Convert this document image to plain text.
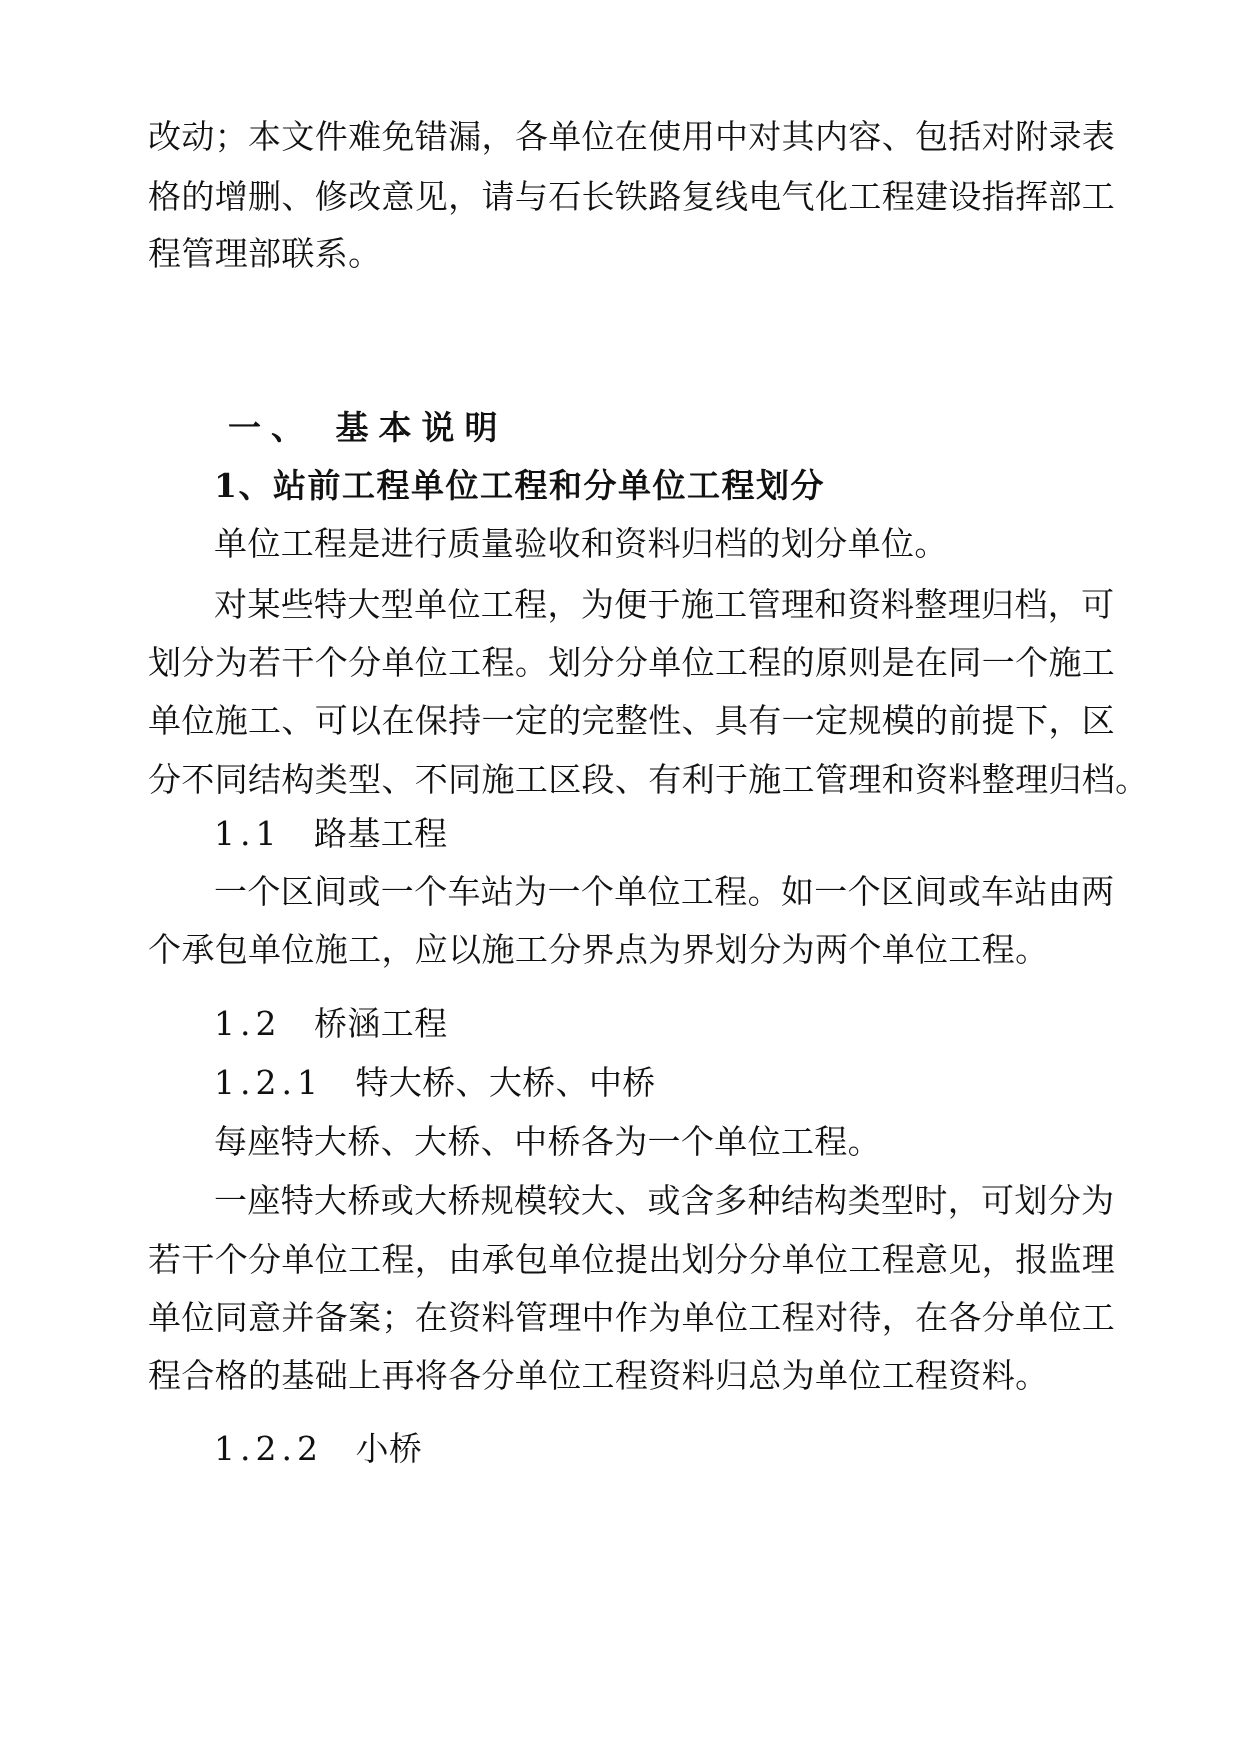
改动；本文件难免错漏，各单位在使用中对其内容、包括对附录表
格的增删、修改意见，请与石长铁路复线电气化工程建设指挥部工
程管理部联系。
一、 基本说明
1、站前工程单位工程和分单位工程划分
单位工程是进行质量验收和资料归档的划分单位。
对某些特大型单位工程，为便于施工管理和资料整理归档，可
划分为若干个分单位工程。划分分单位工程的原则是在同一个施工
单位施工、可以在保持一定的完整性、具有一定规模的前提下，区
分不同结构类型、不同施工区段、有利于施工管理和资料整理归档。
1.1 路基工程
一个区间或一个车站为一个单位工程。如一个区间或车站由两
个承包单位施工，应以施工分界点为界划分为两个单位工程。
1.2 桥涵工程
1.2.1 特大桥、大桥、中桥
每座特大桥、大桥、中桥各为一个单位工程。
一座特大桥或大桥规模较大、或含多种结构类型时，可划分为
若干个分单位工程，由承包单位提出划分分单位工程意见，报监理
单位同意并备案；在资料管理中作为单位工程对待，在各分单位工
程合格的基础上再将各分单位工程资料归总为单位工程资料。
1.2.2 小桥
